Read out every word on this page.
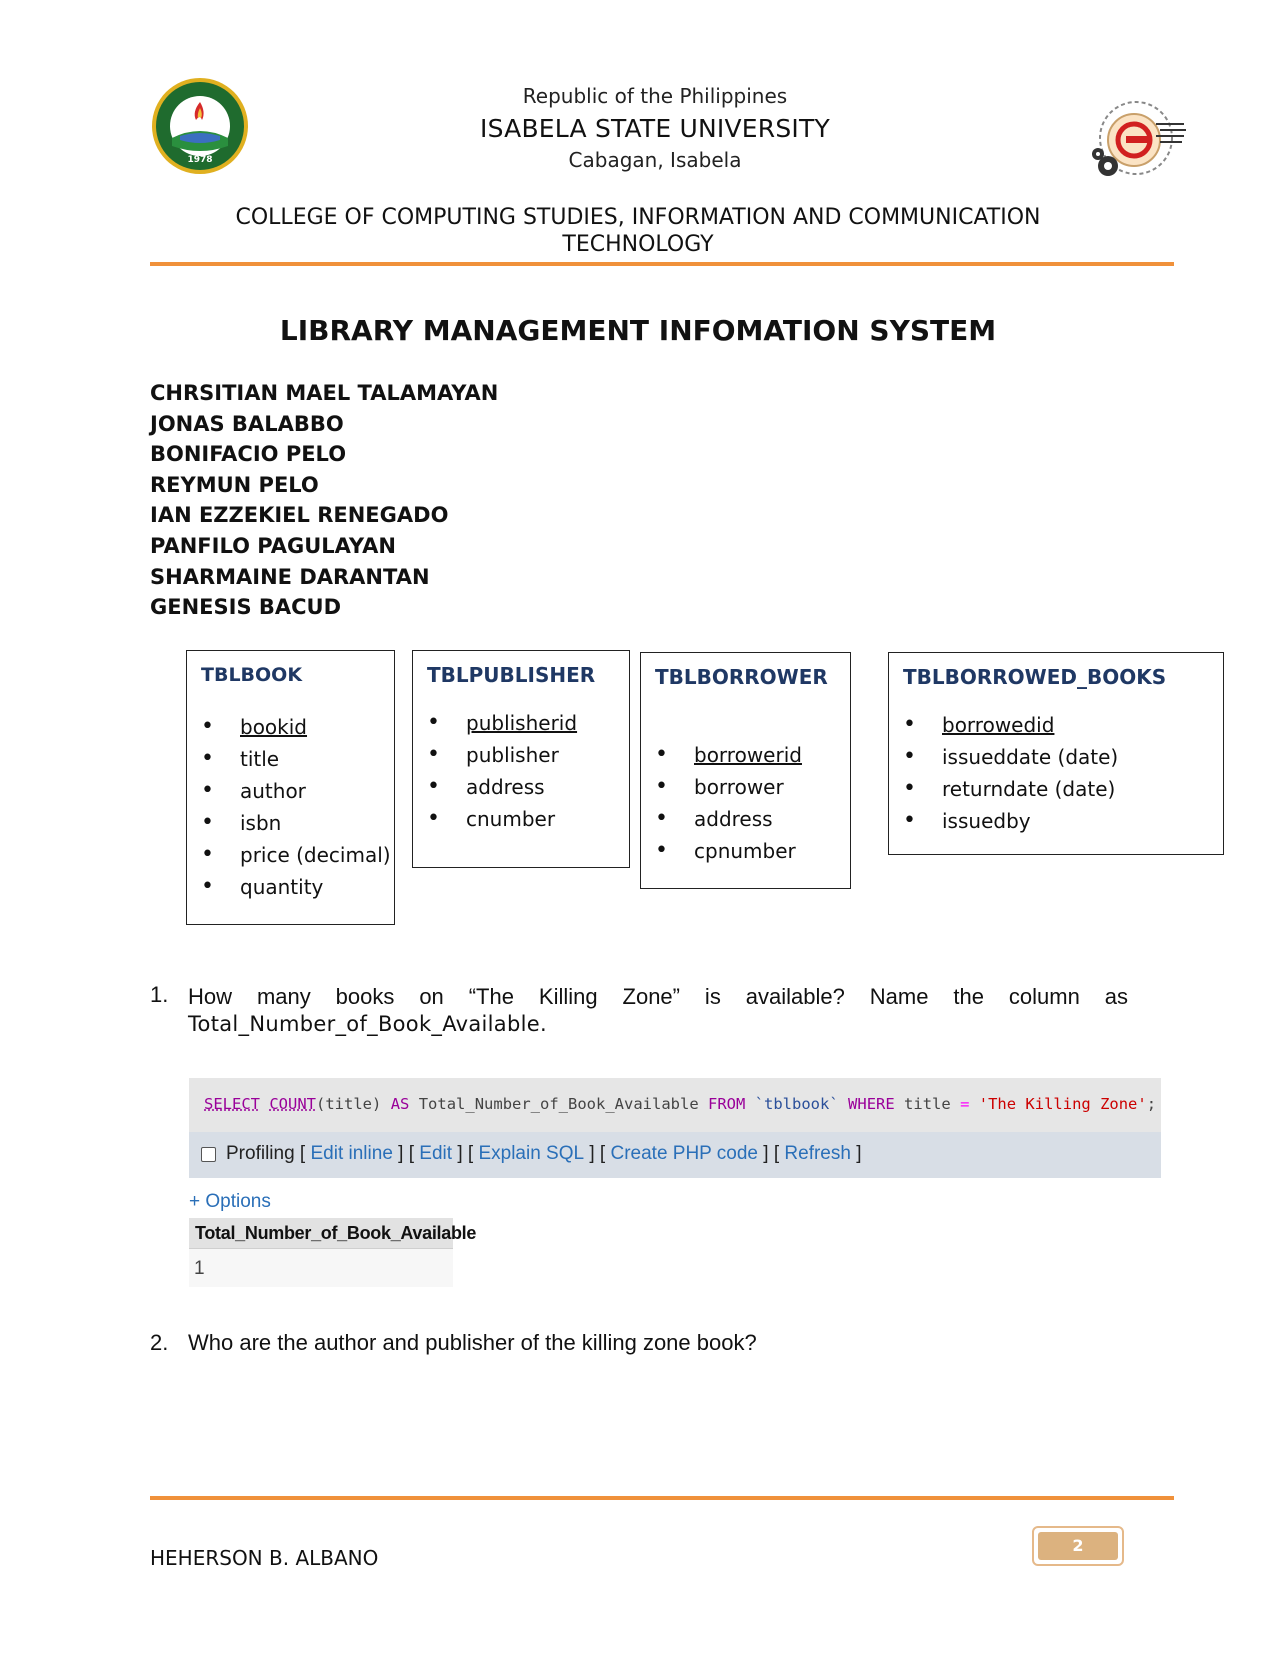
1978
Republic of the Philippines
ISABELA STATE UNIVERSITY
Cabagan, Isabela
COLLEGE OF COMPUTING STUDIES, INFORMATION AND COMMUNICATION TECHNOLOGY
LIBRARY MANAGEMENT INFOMATION SYSTEM
CHRSITIAN MAEL TALAMAYAN
JONAS BALABBO
BONIFACIO PELO
REYMUN PELO
IAN EZZEKIEL RENEGADO
PANFILO PAGULAYAN
SHARMAINE DARANTAN
GENESIS BACUD
TBLBOOK
• bookid
• title
• author
• isbn
• price (decimal)
• quantity
TBLPUBLISHER
• publisherid
• publisher
• address
• cnumber
TBLBORROWER
• borrowerid
• borrower
• address
• cpnumber
TBLBORROWED_BOOKS
• borrowedid
• issueddate (date)
• returndate (date)
• issuedby
1. How many books on “The Killing Zone” is available? Name the column as
Total_Number_of_Book_Available.
SELECT COUNT(title) AS Total_Number_of_Book_Available FROM `tblbook` WHERE title = 'The Killing Zone';
Profiling [ Edit inline ] [ Edit ] [ Explain SQL ] [ Create PHP code ] [ Refresh ]
+ Options
Total_Number_of_Book_Available
1
2. Who are the author and publisher of the killing zone book?
HEHERSON B. ALBANO
2
